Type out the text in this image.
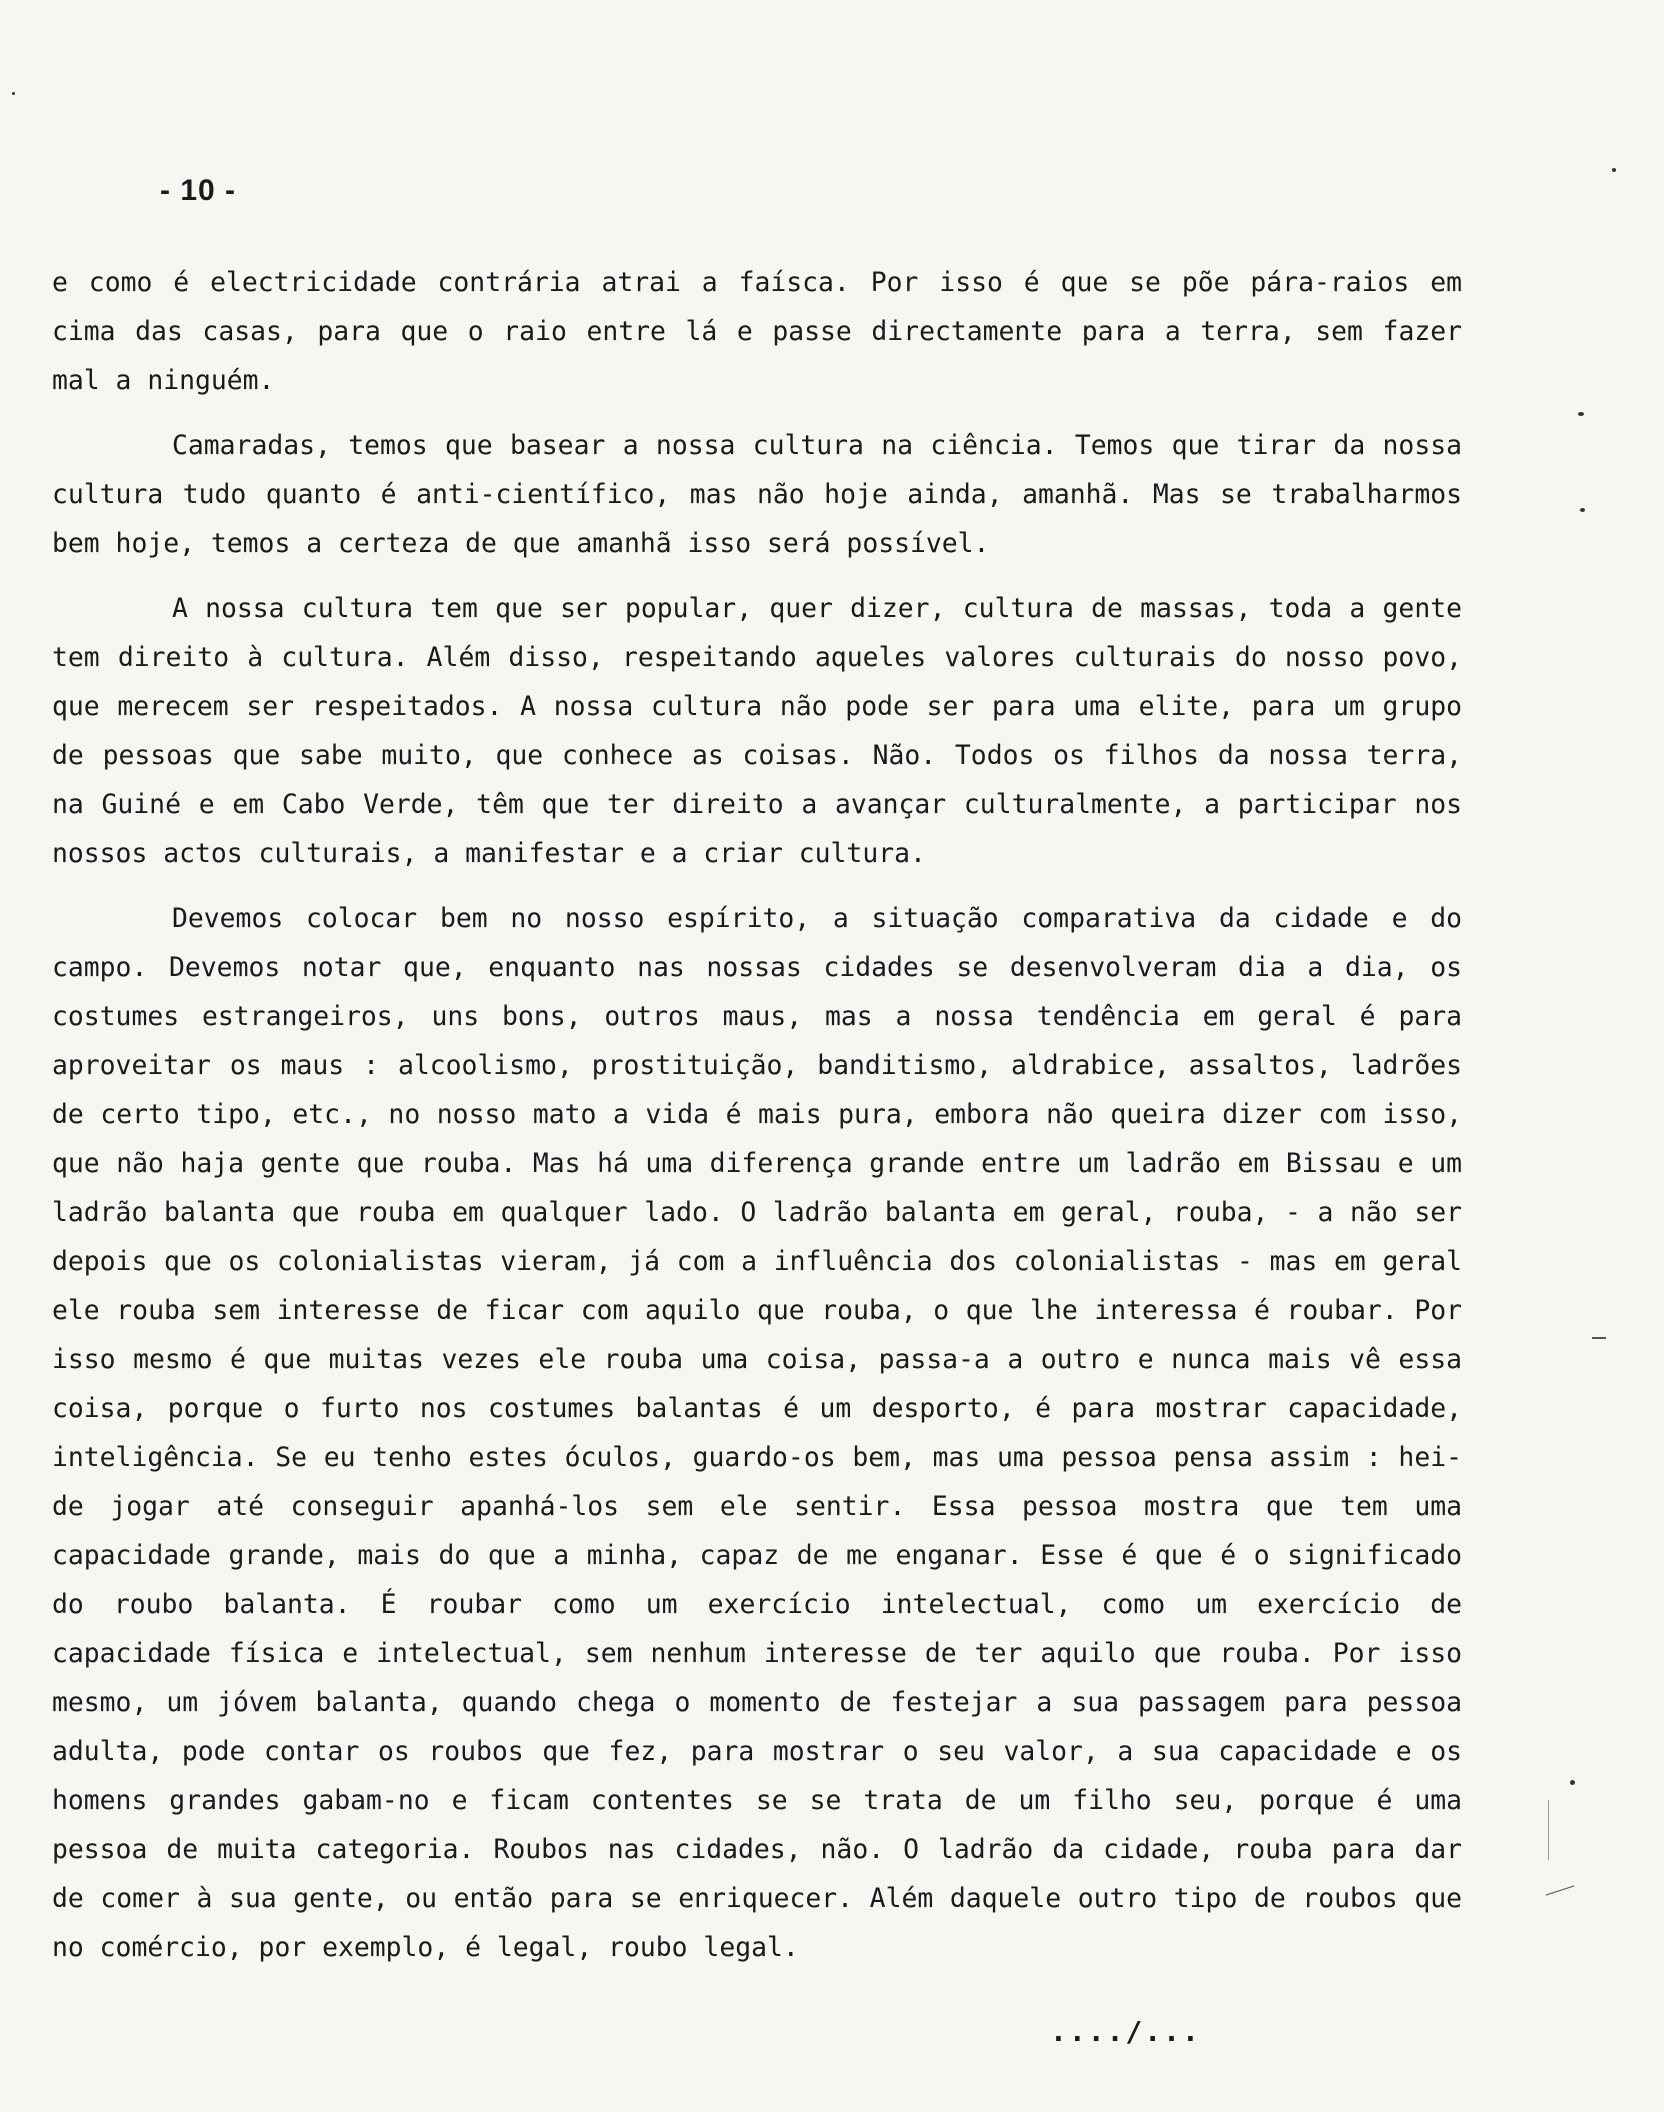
- 10 -

e como é electricidade contrária atrai a faísca. Por isso é que se põe pára-raios em cima das casas, para que o raio entre lá e passe directamente para a terra, sem fazer mal a ninguém.

Camaradas, temos que basear a nossa cultura na ciência. Temos que tirar da nossa cultura tudo quanto é anti-científico, mas não hoje ainda, amanhã. Mas se trabalharmos bem hoje, temos a certeza de que amanhã isso será possível.

A nossa cultura tem que ser popular, quer dizer, cultura de massas, toda a gente tem direito à cultura. Além disso, respeitando aqueles valores culturais do nosso povo, que merecem ser respeitados. A nossa cultura não pode ser para uma elite, para um grupo de pessoas que sabe muito, que conhece as coisas. Não. Todos os filhos da nossa terra, na Guiné e em Cabo Verde, têm que ter direito a avançar culturalmente, a participar nos nossos actos culturais, a manifestar e a criar cultura.

Devemos colocar bem no nosso espírito, a situação comparativa da cidade e do campo. Devemos notar que, enquanto nas nossas cidades se desenvolveram dia a dia, os costumes estrangeiros, uns bons, outros maus, mas a nossa tendência em geral é para aproveitar os maus : alcoolismo, prostituição, banditismo, aldrabice, assaltos, ladrões de certo tipo, etc., no nosso mato a vida é mais pura, embora não queira dizer com isso, que não haja gente que rouba. Mas há uma diferença grande entre um ladrão em Bissau e um ladrão balanta que rouba em qualquer lado. O ladrão balanta em geral, rouba, - a não ser depois que os colonialistas vieram, já com a influência dos colonialistas - mas em geral ele rouba sem interesse de ficar com aquilo que rouba, o que lhe interessa é roubar. Por isso mesmo é que muitas vezes ele rouba uma coisa, passa-a a outro e nunca mais vê essa coisa, porque o furto nos costumes balantas é um desporto, é para mostrar capacidade, inteligência. Se eu tenho estes óculos, guardo-os bem, mas uma pessoa pensa assim : hei-de jogar até conseguir apanhá-los sem ele sentir. Essa pessoa mostra que tem uma capacidade grande, mais do que a minha, capaz de me enganar. Esse é que é o significado do roubo balanta. É roubar como um exercício intelectual, como um exercício de capacidade física e intelectual, sem nenhum interesse de ter aquilo que rouba. Por isso mesmo, um jóvem balanta, quando chega o momento de festejar a sua passagem para pessoa adulta, pode contar os roubos que fez, para mostrar o seu valor, a sua capacidade e os homens grandes gabam-no e ficam contentes se se trata de um filho seu, porque é uma pessoa de muita categoria. Roubos nas cidades, não. O ladrão da cidade, rouba para dar de comer à sua gente, ou então para se enriquecer. Além daquele outro tipo de roubos que no comércio, por exemplo, é legal, roubo legal.

..../...
